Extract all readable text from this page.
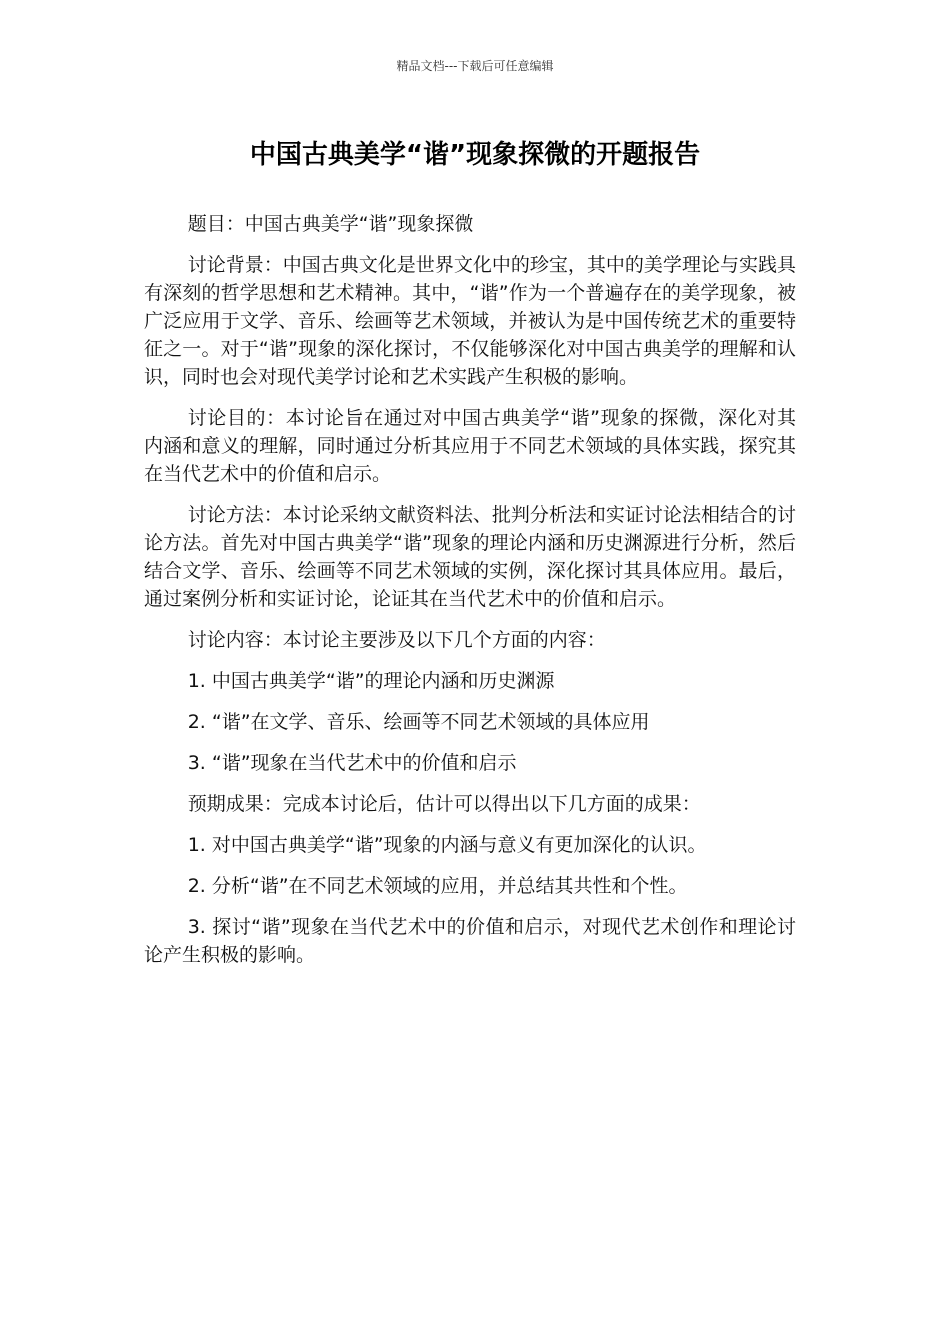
精品文档---下载后可任意编辑
中国古典美学“谐”现象探微的开题报告

题目：中国古典美学“谐”现象探微

讨论背景：中国古典文化是世界文化中的珍宝，其中的美学理论与实践具有深刻的哲学思想和艺术精神。其中，“谐”作为一个普遍存在的美学现象，被广泛应用于文学、音乐、绘画等艺术领域，并被认为是中国传统艺术的重要特征之一。对于“谐”现象的深化探讨，不仅能够深化对中国古典美学的理解和认识，同时也会对现代美学讨论和艺术实践产生积极的影响。

讨论目的：本讨论旨在通过对中国古典美学“谐”现象的探微，深化对其内涵和意义的理解，同时通过分析其应用于不同艺术领域的具体实践，探究其在当代艺术中的价值和启示。

讨论方法：本讨论采纳文献资料法、批判分析法和实证讨论法相结合的讨论方法。首先对中国古典美学“谐”现象的理论内涵和历史渊源进行分析，然后结合文学、音乐、绘画等不同艺术领域的实例，深化探讨其具体应用。最后，通过案例分析和实证讨论，论证其在当代艺术中的价值和启示。

讨论内容：本讨论主要涉及以下几个方面的内容：

1. 中国古典美学“谐”的理论内涵和历史渊源

2. “谐”在文学、音乐、绘画等不同艺术领域的具体应用

3. “谐”现象在当代艺术中的价值和启示

预期成果：完成本讨论后，估计可以得出以下几方面的成果：

1. 对中国古典美学“谐”现象的内涵与意义有更加深化的认识。

2. 分析“谐”在不同艺术领域的应用，并总结其共性和个性。

3. 探讨“谐”现象在当代艺术中的价值和启示，对现代艺术创作和理论讨论产生积极的影响。
